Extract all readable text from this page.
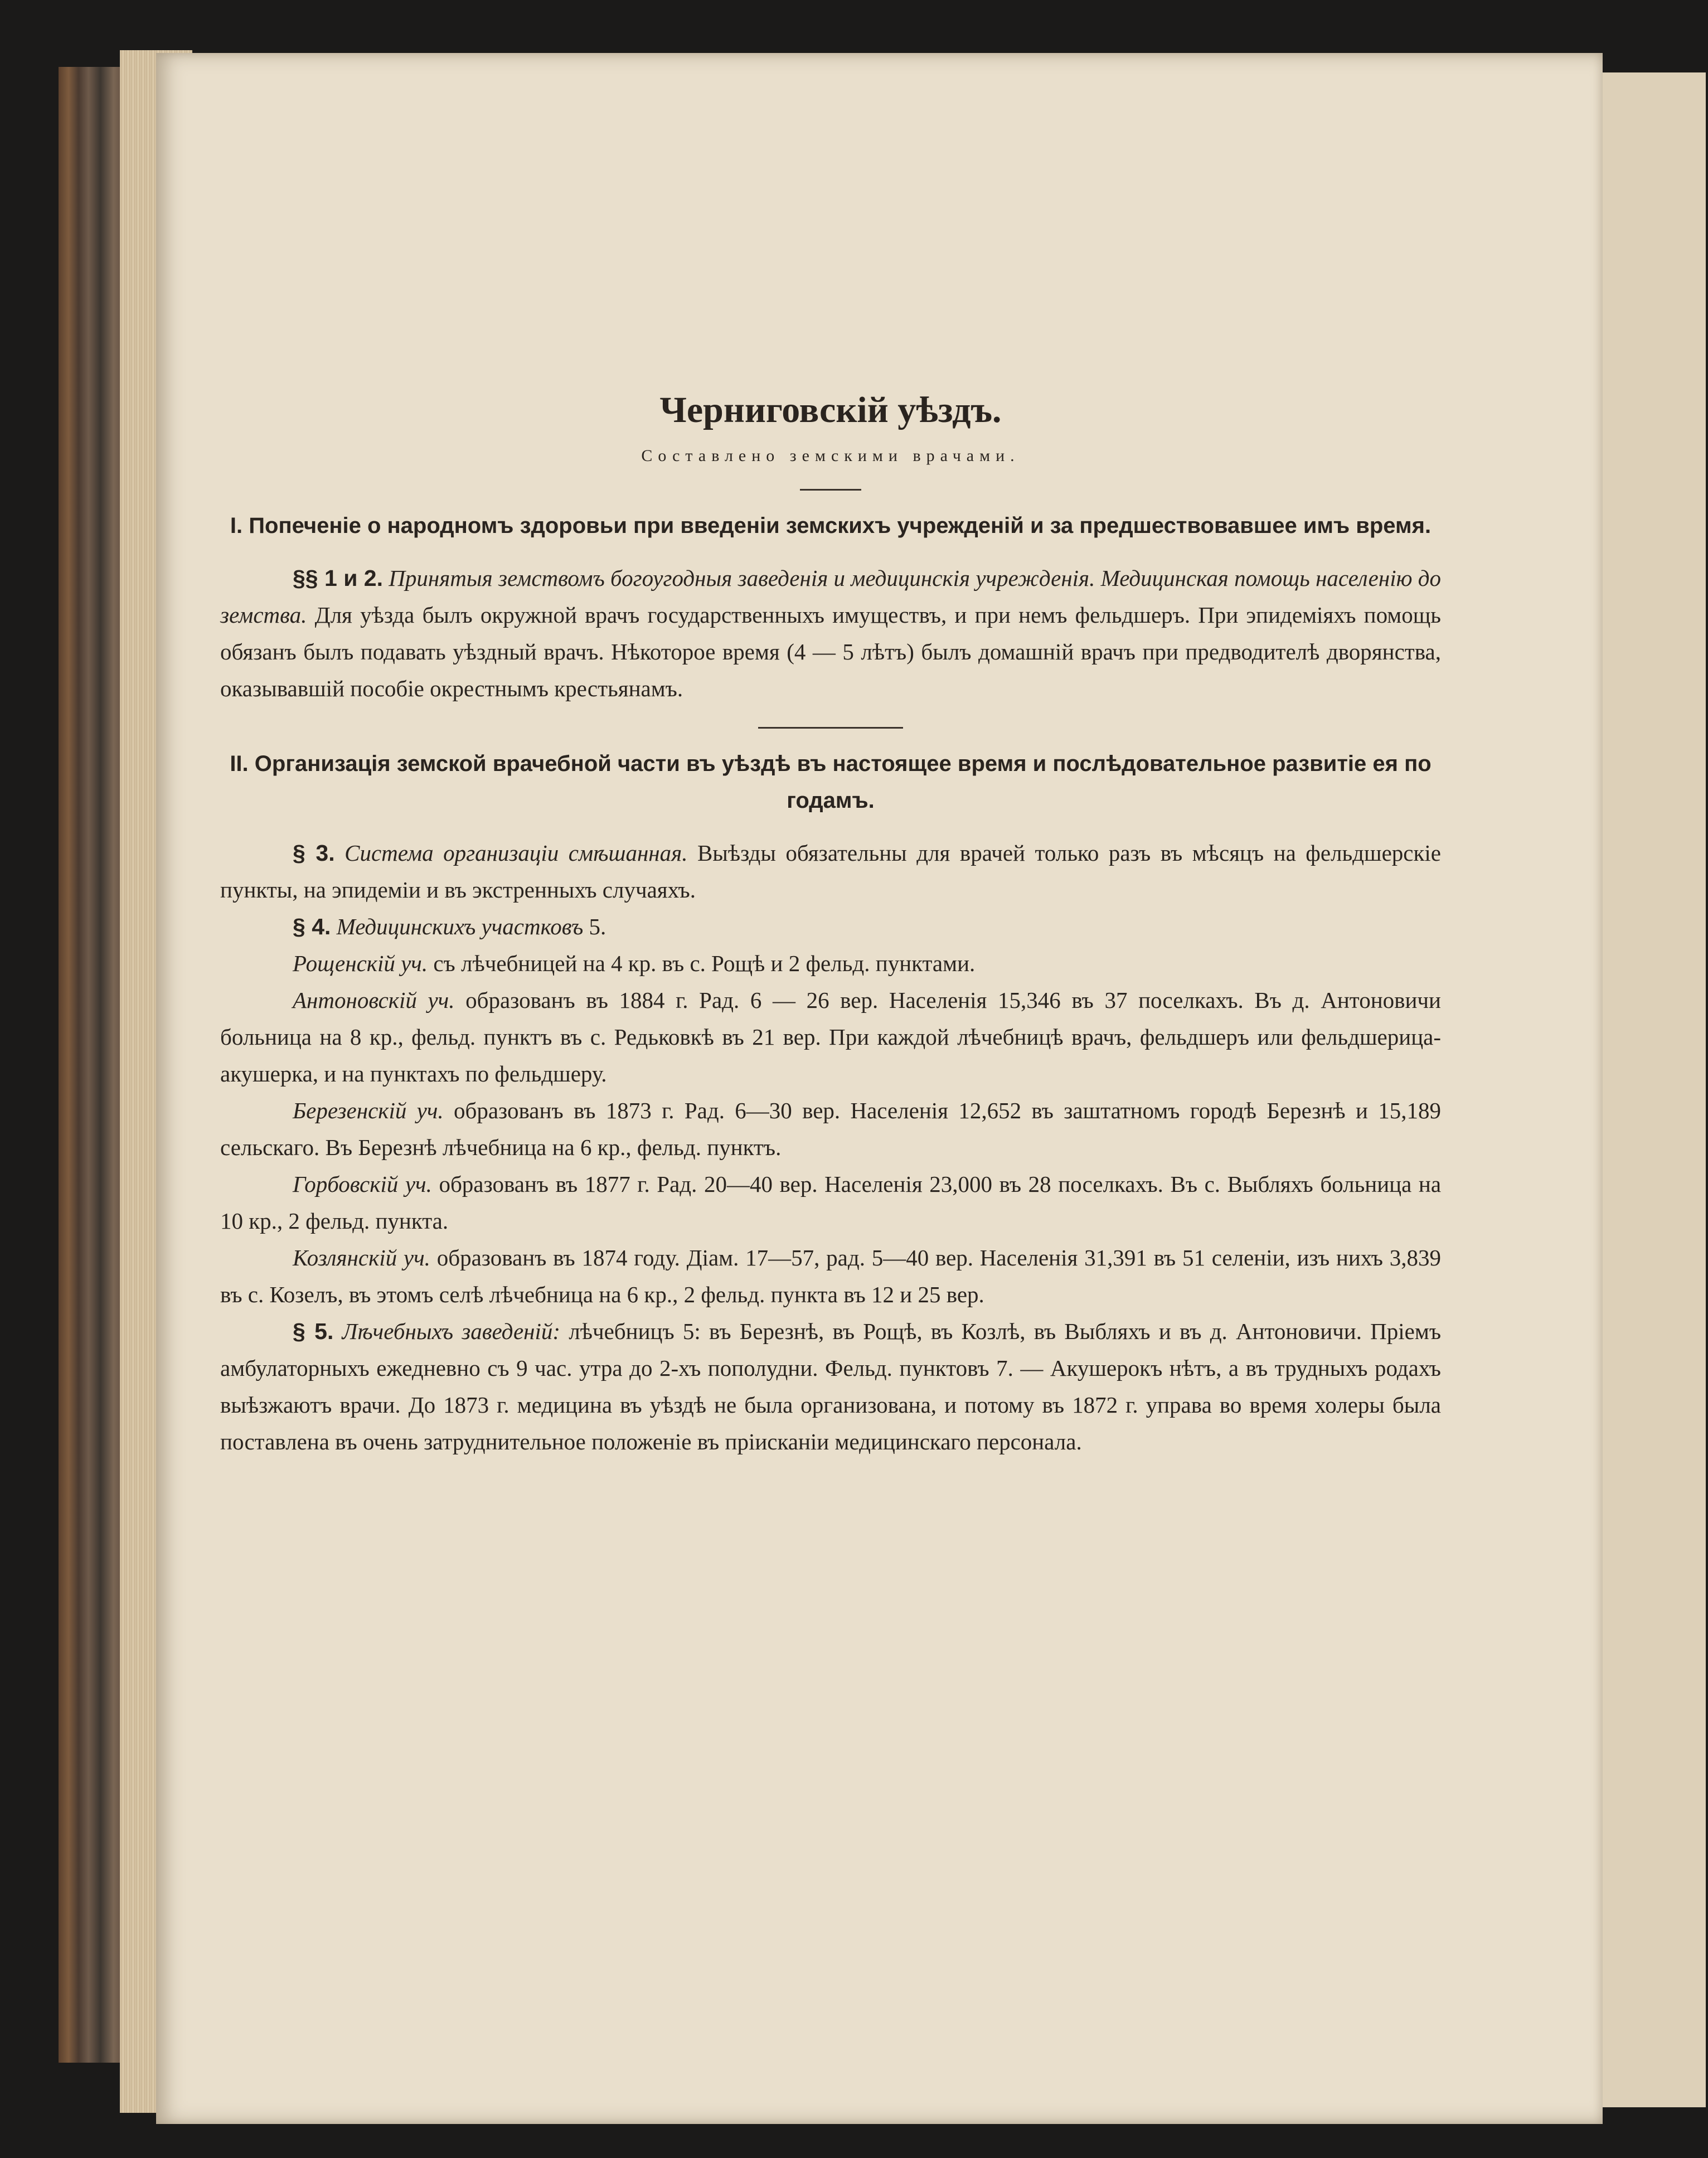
Черниговскій уѣздъ.
Составлено земскими врачами.
I. Попеченіе о народномъ здоровьи при введеніи земскихъ учрежденій и за предшествовавшее имъ время.

§§ 1 и 2. Принятыя земствомъ богоугодныя заведенія и медицинскія учрежденія. Медицинская помощь населенію до земства. Для уѣзда былъ окружной врачъ государственныхъ имуществъ, и при немъ фельдшеръ. При эпидеміяхъ помощь обязанъ былъ подавать уѣздный врачъ. Нѣкоторое время (4 — 5 лѣтъ) былъ домашній врачъ при предводителѣ дворянства, оказывавшій пособіе окрестнымъ крестьянамъ.

II. Организація земской врачебной части въ уѣздѣ въ настоящее время и послѣдовательное развитіе ея по годамъ.

§ 3. Система организаціи смѣшанная. Выѣзды обязательны для врачей только разъ въ мѣсяцъ на фельдшерскіе пункты, на эпидеміи и въ экстренныхъ случаяхъ.

§ 4. Медицинскихъ участковъ 5.

Рощенскій уч. съ лѣчебницей на 4 кр. въ с. Рощѣ и 2 фельд. пунктами.

Антоновскій уч. образованъ въ 1884 г. Рад. 6 — 26 вер. Населенія 15,346 въ 37 поселкахъ. Въ д. Антоновичи больница на 8 кр., фельд. пунктъ въ с. Редьковкѣ въ 21 вер. При каждой лѣчебницѣ врачъ, фельдшеръ или фельдшерица-акушерка, и на пунктахъ по фельдшеру.

Березенскій уч. образованъ въ 1873 г. Рад. 6—30 вер. Населенія 12,652 въ заштатномъ городѣ Березнѣ и 15,189 сельскаго. Въ Березнѣ лѣчебница на 6 кр., фельд. пунктъ.

Горбовскій уч. образованъ въ 1877 г. Рад. 20—40 вер. Населенія 23,000 въ 28 поселкахъ. Въ с. Выбляхъ больница на 10 кр., 2 фельд. пункта.

Козлянскій уч. образованъ въ 1874 году. Діам. 17—57, рад. 5—40 вер. Населенія 31,391 въ 51 селеніи, изъ нихъ 3,839 въ с. Козелъ, въ этомъ селѣ лѣчебница на 6 кр., 2 фельд. пункта въ 12 и 25 вер.

§ 5. Лѣчебныхъ заведеній: лѣчебницъ 5: въ Березнѣ, въ Рощѣ, въ Козлѣ, въ Выбляхъ и въ д. Антоновичи. Пріемъ амбулаторныхъ ежедневно съ 9 час. утра до 2-хъ пополудни. Фельд. пунктовъ 7. — Акушерокъ нѣтъ, а въ трудныхъ родахъ выѣзжаютъ врачи. До 1873 г. медицина въ уѣздѣ не была организована, и потому въ 1872 г. управа во время холеры была поставлена въ очень затруднительное положеніе въ пріисканіи медицинскаго персонала.
